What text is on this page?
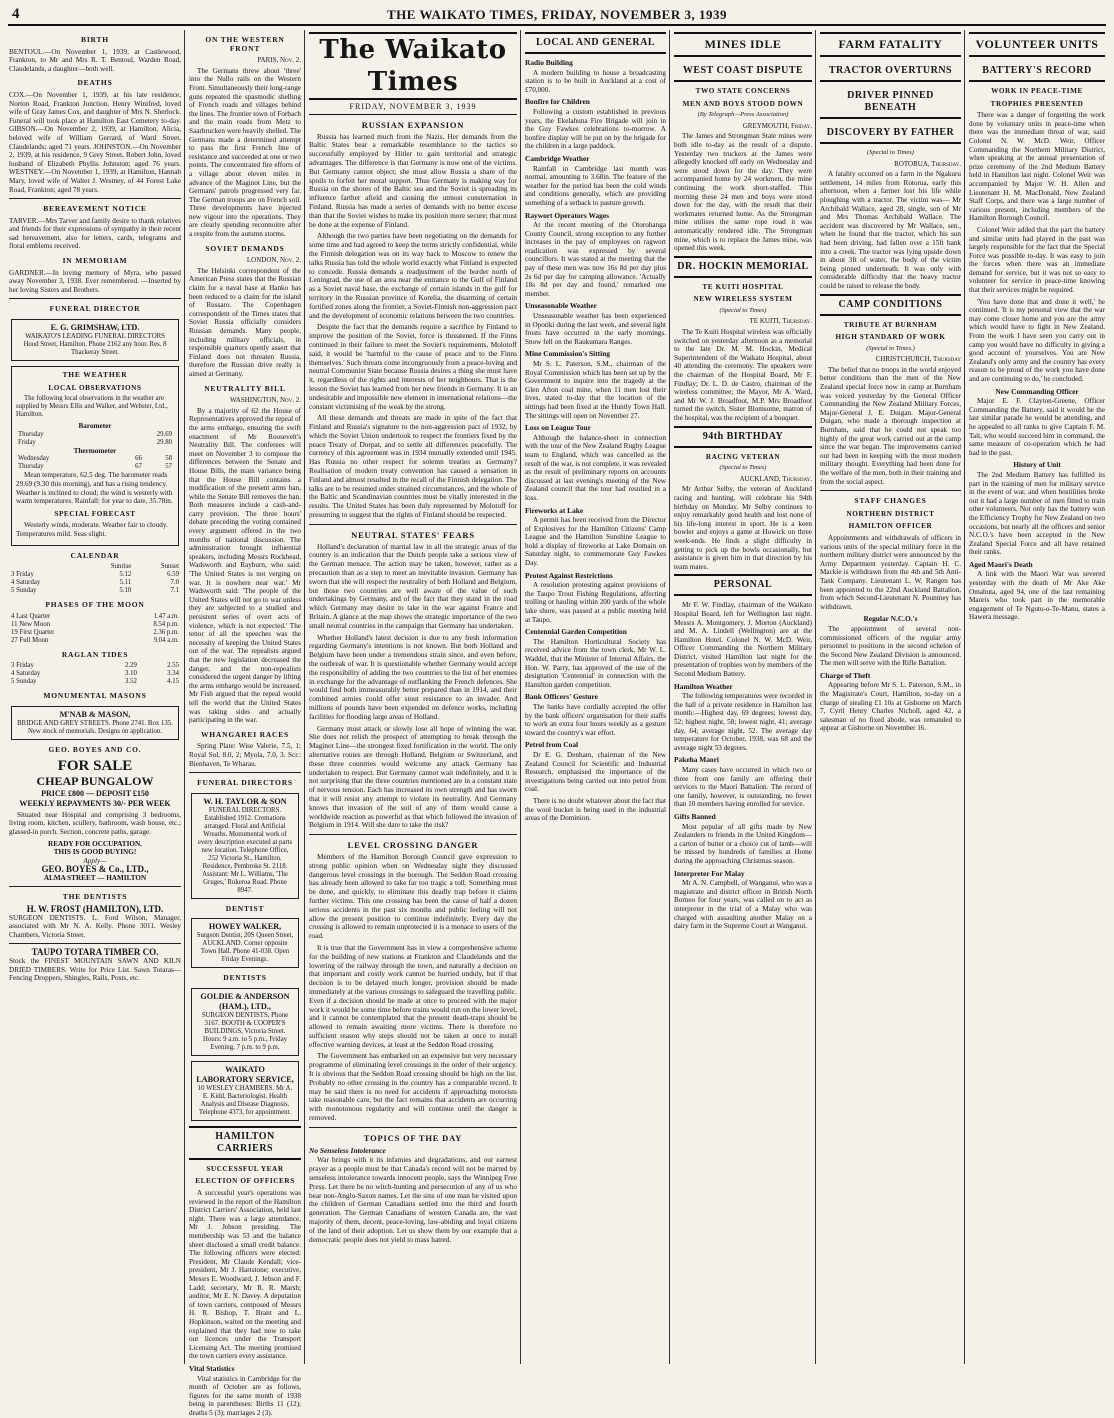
4	THE WAIKATO TIMES, FRIDAY, NOVEMBER 3, 1939
BIRTH

BENTOUL.—On November 1, 1939, at Castlewood, Frankton, to Mr and Mrs R. T. Bentoul, Warden Road, Claudelands, a daughter—both well.

DEATHS

COX.—On November 1, 1939, at his late residence, Norton Road, Frankton Junction, Henry Winifred, loved wife of Gray James Cox, and daughter of Mrs N. Sherlock. Funeral will took place at Hamilton East Cemetery to-day. GIBSON.—On November 2, 1939, at Hamilton, Alicia, beloved wife of William Gerrard, of Ward Street, Claudelands; aged 71 years. JOHNSTON.—On November 2, 1939, at his residence, 9 Grey Street, Robert John, loved husband of Elizabeth Phyllis Johnston; aged 76 years. WESTNEY.—On November 1, 1939, at Hamilton, Hannah Mary, loved wife of Walter J. Westney, of 44 Forest Lake Road, Frankton; aged 78 years.

BEREAVEMENT NOTICE

TARVER.—Mrs Tarver and family desire to thank relatives and friends for their expressions of sympathy in their recent sad bereavement, also for letters, cards, telegrams and floral emblems received.

IN MEMORIAM

GARDNER.—In loving memory of Myra, who passed away November 3, 1938. Ever remembered. —Inserted by her loving Sisters and Brothers.

FUNERAL DIRECTOR
E. G. GRIMSHAW, LTD.
WAIKATO'S LEADING FUNERAL DIRECTORS
Hood Street, Hamilton. Phone 2162 any hour. Res. 8 Thackeray Street.
THE WEATHER
LOCAL OBSERVATIONS

The following local observations in the weather are supplied by Messrs Ellis and Walker, and Webster, Ltd., Hamilton.

Barometer
Thursday	29.69
Friday	29.80
Thermometer
Wednesday	66	58
Thursday	67	57

Mean temperature, 62.5 deg. The barometer reads 29.69 (9.30 this morning), and has a rising tendency. Weather is inclined to cloud; the wind is westerly with warm temperatures. Rainfall: for year to date, 35.78in.

SPECIAL FORECAST

Westerly winds, moderate. Weather fair to cloudy. Temperatures mild. Seas slight.

CALENDAR
	Sunrise	Sunset
3 Friday	5.12	6.59
4 Saturday	5.11	7.0
5 Sunday	5.10	7.1
PHASES OF THE MOON
4 Last Quarter	1.47 a.m.
11 New Moon	8.54 p.m.
19 First Quarter	2.36 p.m.
27 Full Moon	9.04 a.m.
RAGLAN TIDES
3 Friday	2.29	2.55
4 Saturday	3.10	3.34
5 Sunday	3.52	4.15
MONUMENTAL MASONS
M'NAB & MASON,
BRIDGE AND GREY STREETS. Phone 2741. Box 135. New stock of memorials. Designs on application.
GEO. BOYES AND CO.
FOR SALE
CHEAP BUNGALOW
PRICE £800 — DEPOSIT £150
WEEKLY REPAYMENTS 30/- PER WEEK

Situated near Hospital and comprising 3 bedrooms, living room, kitchen, scullery, bathroom, wash house, etc.; glassed-in porch. Section, concrete paths, garage.

READY FOR OCCUPATION.
THIS IS GOOD BUYING!
Apply—
GEO. BOYES & Co., LTD.,
ALMA STREET — HAMILTON
THE DENTISTS
H. W. FROST (HAMILTON), LTD.

SURGEON DENTISTS. L. Ford Wilson, Manager, associated with Mr N. A. Kelly. Phone 3011. Wesley Chambers, Victoria Street.

TAUPO TOTARA TIMBER CO.

Stock the FINEST MOUNTAIN SAWN AND KILN DRIED TIMBERS. Write for Price List. Sawn Totaras—Fencing Droppers, Shingles, Rails, Posts, etc.

ON THE WESTERN FRONT
PARIS, Nov. 2.

The Germans threw about 'three' into the Nullo rails on the Western Front. Simultaneously their long-range guns repeated the spasmodic shelling of French roads and villages behind the lines. The frontier town of Forbach and the main roads from Metz to Saarbrucken were heavily shelled. The Germans made a determined attempt to pass the first French line of resistance and succeeded at one or two points. The concentrated fire efforts of a village about eleven miles in advance of the Maginot Line, but the Germans' patrols progressed very far. The German troops are on French soil. Three developments have injected new vigour into the operations. They are clearly spending reconnoitre after a respite from the autumn storms.

SOVIET DEMANDS
LONDON, Nov. 2.

The Helsinki correspondent of the American Press states that the Russian claim for a naval base at Hanko has been reduced to a claim for the island of Russaro. The Copenhagen correspondent of the Times states that Soviet Russia officially considers Russian demands. Many people, including military officials, in responsible quarters openly assert that Finland does not threaten Russia, therefore the Russian drive really is aimed at Germany.

NEUTRALITY BILL
WASHINGTON, Nov. 2.

By a majority of 62 the House of Representatives approved the repeal of the arms embargo, ensuring the swift enactment of Mr Roosevelt's Neutrality Bill. The conferees will meet on November 3 to compose the differences between the Senate and House Bills, the main variance being that the House Bill contains a modification of the present arms ban, while the Senate Bill removes the ban. Both measures include a cash-and-carry provision. The three hours' debate preceding the voting contained every argument offered in the two months of national discussion. The administration brought influential speakers, including Messrs Rockhead, Wadsworth and Rayburn, who said: 'The United States is not verging on war. It is nowhere near war.' Mr Wadsworth said: 'The people of the United States will not go to war unless they are subjected to a studied and persistent series of overt acts of violence, which is not expected.' The tenor of all the speeches was the necessity of keeping the United States out of the war. The repealists argued that the new legislation decreased the danger, and the non-repealists considered the urgent danger by lifting the arms embargo would be increased. Mr Fish argued that the repeal would tell the world that the United States was taking sides and actually participating in the war.

WHANGAREI RACES

Spring Plate: Wise Valerie, 7.5, 1; Royal Sol, 8.0, 2; Myola, 7.0, 3. Scr.: Bienhaven, Te Wharau.

FUNERAL DIRECTORS
W. H. TAYLOR & SON
FUNERAL DIRECTORS. Established 1912. Cremations arranged. Floral and Artificial Wreaths. Monumental work of every description executed at parts new location. Telephone Office, 252 Victoria St., Hamilton. Residence, Pembroke St. 2118.
Assistant: Mr L. Williams, 'The Gruges,' Rukeroa Road. Phone 8947.
DENTIST
HOWEY WALKER,
Surgeon Dentist, 20S Queen Street, AUCKLAND. Corner opposite Town Hall. Phone 41-038. Open Friday Evenings.
DENTISTS
GOLDIE & ANDERSON (HAM.), LTD.,
SURGEON DENTISTS, Phone 3167. BOOTH & COOPER'S BUILDINGS, Victoria Street. Hours: 9 a.m. to 5 p.m., Friday Evening, 7 p.m. to 9 p.m.
WAIKATO LABORATORY SERVICE,
10 WESLEY CHAMBERS. Mr A. E. Kidd, Bacteriologist. Health Analysis and Disease Diagnosis. Telephone 4373, for appointment.
HAMILTON CARRIERS
SUCCESSFUL YEAR
ELECTION OF OFFICERS

A successful year's operations was reviewed in the report of the Hamilton District Carriers' Association, held last night. There was a large attendance, Mr J. Jebson presiding. The membership was 53 and the balance sheet disclosed a small credit balance. The following officers were elected: President, Mr Claude Kendall; vice-president, Mr J. Hartstone; executive, Messrs E. Woodward, J. Jebson and F. Ladd; secretary, Mr R. R. Marsh; auditor, Mr E. N. Davey. A deputation of town carriers, composed of Messrs H. R. Bishop, T. Brant and L. Hopkinson, waited on the meeting and explained that they had now to take out licences under the Transport Licensing Act. The meeting promised the town carriers every assistance.

Vital Statistics

Vital statistics in Cambridge for the month of October are as follows, figures for the same month of 1938 being in parentheses: Births 11 (12); deaths 5 (3); marriages 2 (3).

The Waikato Times
FRIDAY, NOVEMBER 3, 1939
RUSSIAN EXPANSION

Russia has learned much from the Nazis. Her demands from the Baltic States bear a remarkable resemblance to the tactics so successfully employed by Hitler to gain territorial and strategic advantages. The difference is that Germany is now one of the victims. But Germany cannot object; she must allow Russia a share of the spoils to forfeit her moral support. Thus Germany is making way for Russia on the shores of the Baltic sea and the Soviet is spreading its influence farther afield and causing the utmost consternation in Finland. Russia has made a series of demands with no better excuse than that the Soviet wishes to make its position more secure; that must be done at the expense of Finland.

Although the two parties have been negotiating on the demands for some time and had agreed to keep the terms strictly confidential, while the Finnish delegation was on its way back to Moscow to renew the talks Russia has told the whole world exactly what Finland is expected to concede. Russia demands a readjustment of the border north of Leningrad, the use of an area near the entrance to the Gulf of Finland as a Soviet naval base, the exchange of certain islands in the gulf for territory in the Russian province of Korelia, the disarming of certain fortified zones along the frontier, a Soviet-Finnish non-aggression pact and the development of economic relations between the two countries.

Despite the fact that the demands require a sacrifice by Finland to improve the position of the Soviet, force is threatened. If the Finns continued in their failure to meet the Soviet's requirements, Molotoff said, it would be 'harmful to the cause of peace and to the Finns themselves.' Such threats come incongruously from a peace-loving and neutral Communist State because Russia desires a thing she must have it, regardless of the rights and interests of her neighbours. That is the lesson the Soviet has learned from her new friends in Germany. It is an undesirable and impossible new element in international relations—the constant victimising of the weak by the strong.

All these demands and threats are made in spite of the fact that Finland and Russia's signature to the non-aggression pact of 1932, by which the Soviet Union undertook to respect the frontiers fixed by the peace Treaty of Dorpat, and to settle all differences peacefully. The currency of this agreement was in 1934 mutually extended until 1945. Has Russia no other respect for solemn treaties as Germany? Realisation of modern treaty convention has caused a sensation in Finland and almost resulted in the recall of the Finnish delegation. The talks are to be resumed under strained circumstances, and the whole of the Baltic and Scandinavian countries must be vitally interested in the results. The United States has been duly represented by Molotoff for presuming to suggest that the rights of Finland should be respected.

NEUTRAL STATES' FEARS

Holland's declaration of martial law in all the strategic areas of the country is an indication that the Dutch people take a serious view of the German menace. The action may be taken, however, rather as a precaution than as a step to meet an inevitable invasion. Germany has sworn that she will respect the neutrality of both Holland and Belgium, but those two countries are well aware of the value of such undertakings by Germany, and of the fact that they stand in the road which Germany may desire to take in the war against France and Britain. A glance at the map shows the strategic importance of the two small neutral countries in the campaign that Germany has undertaken.

Whether Holland's latest decision is due to any fresh information regarding Germany's intentions is not known. But both Holland and Belgium have been under a tremendous strain since, and even before, the outbreak of war. It is questionable whether Germany would accept the responsibility of adding the two countries to the list of her enemies in exchange for the advantage of outflanking the French defences. She would find both immeasurably better prepared than in 1914, and their combined armies could offer stout resistance to an invader. And millions of pounds have been expended on defence works, including facilities for flooding large areas of Holland.

Germany must attack or slowly lose all hope of winning the war. She does not relish the prospect of attempting to break through the Maginot Line—the strongest fixed fortification in the world. The only alternative routes are through Holland, Belgium or Switzerland, and these three countries would welcome any attack Germany has undertaken to respect. But Germany cannot wait indefinitely, and it is not surprising that the three countries mentioned are in a constant state of nervous tension. Each has increased its own strength and has sworn that it will resist any attempt to violate its neutrality. And Germany knows that invasion of the soil of any of them would cause a worldwide reaction as powerful as that which followed the invasion of Belgium in 1914. Will she dare to take the risk?

LEVEL CROSSING DANGER

Members of the Hamilton Borough Council gave expression to strong public opinion when on Wednesday night they discussed dangerous level crossings in the borough. The Seddon Road crossing has already been allowed to take far too tragic a toll. Something must be done, and quickly, to eliminate this deadly trap before it claims further victims. This one crossing has been the cause of half a dozen serious accidents in the past six months and public feeling will not allow the present position to continue indefinitely. Every day the crossing is allowed to remain unprotected it is a menace to users of the road.

It is true that the Government has in view a comprehensive scheme for the building of new stations at Frankton and Claudelands and the lowering of the railway through the town, and naturally a decision on that important and costly work cannot be hurried unduly, but if that decision is to be delayed much longer, provision should be made immediately at the various crossings to safeguard the travelling public. Even if a decision should be made at once to proceed with the major work it would be some time before trains would run on the lower level, and it cannot be contemplated that the present death-traps should be allowed to remain awaiting more victims. There is therefore no sufficient reason why steps should not be taken at once to install effective warning devices, at least at the Seddon Road crossing.

The Government has embarked on an expensive but very necessary programme of eliminating level crossings in the order of their urgency. It is obvious that the Seddon Road crossing should be high on the list. Probably no other crossing in the country has a comparable record. It may be said there is no need for accidents if approaching motorists take reasonable care, but the fact remains that accidents are occurring with monotonous regularity and will continue until the danger is removed.

TOPICS OF THE DAY
No Senseless Intolerance

War brings with it its infamies and degradations, and our earnest prayer as a people must be that Canada's record will not be marred by senseless intolerance towards innocent people, says the Winnipeg Free Press. Let there be no witch-hunting and persecution of any of us who bear non-Anglo-Saxon names. Let the sins of one man be visited upon the children of German Canadians settled into the third and fourth generation. The German Canadians of western Canada are, the vast majority of them, decent, peace-loving, law-abiding and loyal citizens of the land of their adoption. Let us show them by our example that a democratic people does not yield to mass hatred.

LOCAL AND GENERAL
Radio Building

A modern building to house a broadcasting station is to be built in Auckland at a cost of £70,000.

Bonfire for Children

Following a custom established in previous years, the Ekelahuna Fire Brigade will join in the Guy Fawkes celebrations to-morrow. A bonfire display will be put on by the brigade for the children in a large paddock.

Cambridge Weather

Rainfall in Cambridge last month was normal, amounting to 3.68in. The feature of the weather for the period has been the cold winds and conditions generally, which are providing something of a setback to pasture growth.

Raywort Operators Wages

At the recent meeting of the Otorohanga County Council, strong exception to any further increases in the pay of employees on ragwort eradication was expressed by several councillors. It was stated at the meeting that the pay of these men was now 16s 8d per day plus 2s 6d per day for camping allowance. 'Actually 18s 8d per day and found,' remarked one member.

Unseasonable Weather

Unseasonable weather has been experienced in Opotiki during the last week, and several light frosts have occurred in the early mornings. Snow fell on the Raukumara Ranges.

Mine Commission's Sitting

Mr S. L. Paterson, S.M., chairman of the Royal Commission which has been set up by the Government to inquire into the tragedy at the Glen Afton coal mine, when 11 men lost their lives, stated to-day that the location of the sittings had been fixed at the Huntly Town Hall. The sittings will open on November 27.

Loss on League Tour

Although the balance-sheet in connection with the tour of the New Zealand Rugby League team to England, which was cancelled as the result of the war, is not complete, it was revealed as the result of preliminary reports on accounts discussed at last evening's meeting of the New Zealand council that the tour had resulted in a loss.

Fireworks at Lake

A permit has been received from the Director of Explosives for the Hamilton Citizens' Camp League and the Hamilton Sunshine League to hold a display of fireworks at Lake Domain on Saturday night, to commemorate Guy Fawkes Day.

Protest Against Restrictions

A resolution protesting against provisions of the Taupo Trout Fishing Regulations, affecting trolling or hauling within 200 yards of the whole lake shore, was passed at a public meeting held at Taupo.

Centennial Garden Competition

The Hamilton Horticultural Society has received advice from the town clerk, Mr W. L. Waddel, that the Minister of Internal Affairs, the Hon. W. Parry, has approved of the use of the designation 'Centennial' in connection with the Hamilton garden competition.

Bank Officers' Gesture

The banks have cordially accepted the offer by the bank officers' organisation for their staffs to work an extra four hours weekly as a gesture toward the country's war effort.

Petrol from Coal

Dr E. G. Denham, chairman of the New Zealand Council for Scientific and Industrial Research, emphasised the importance of the investigations being carried out into petrol from coal.

There is no doubt whatever about the fact that the wool bucket is being used in the industrial areas of the Dominion.

MINES IDLE
WEST COAST DISPUTE
TWO STATE CONCERNS
MEN AND BOYS STOOD DOWN
(By Telegraph—Press Association)
GREYMOUTH, Friday.

The James and Strongman State mines were both idle to-day as the result of a dispute. Yesterday two truckers at the James were allegedly knocked off early on Wednesday and were stood down for the day. They were accompanied home by 24 workmen, the mine continuing the work short-staffed. This morning these 24 men and boys were stood down for the day, with the result that their workmates returned home. As the Strongman mine utilises the same rope road it was automatically rendered idle. The Strongman mine, which is to replace the James mine, was opened this week.

DR. HOCKIN MEMORIAL
TE KUITI HOSPITAL
NEW WIRELESS SYSTEM
(Special to Times)
TE KUITI, Thursday.

The Te Kuiti Hospital wireless was officially switched on yesterday afternoon as a memorial to the late Dr. M. M. Hockin, Medical Superintendent of the Waikato Hospital, about 40 attending the ceremony. The speakers were the chairman of the Hospital Board, Mr F. Findlay; Dr. L. D. de Castro, chairman of the wireless committee; the Mayor, Mr A. Ward, and Mr W. J. Broadfoot, M.P. Mrs Broadfoot turned the switch. Sister Blomsome, matron of the hospital, was the recipient of a bouquet.

94th BIRTHDAY
RACING VETERAN
(Special to Times)
AUCKLAND, Thursday.

Mr Arthur Selby, the veteran of Auckland racing and hunting, will celebrate his 94th birthday on Monday. Mr Selby continues to enjoy remarkably good health and lost none of his life-long interest in sport. He is a keen bowler and enjoys a game at Howick on three week-ends. He finds a slight difficulty in getting to pick up the bowls occasionally, but assistance is given him in that direction by his team mates.

PERSONAL

Mr F. W. Findlay, chairman of the Waikato Hospital Board, left for Wellington last night. Messrs A. Montgomery, J. Morton (Auckland) and M. A. Lindell (Wellington) are at the Hamilton Hotel. Colonel N. W. McD. Weir, Officer Commanding the Northern Military District, visited Hamilton last night for the presentation of trophies won by members of the Second Medium Battery.

Hamilton Weather

The following temperatures were recorded in the hall of a private residence in Hamilton last month:—Highest day, 69 degrees; lowest day, 52; highest night, 58; lowest night, 41; average day, 64; average night, 52. The average day temperature for October, 1938, was 68 and the average night 53 degrees.

Pakeha Maori

Many cases have occurred in which two or three from one family are offering their services to the Maori Battalion. The record of one family, however, is outstanding, no fewer than 10 members having enrolled for service.

Gifts Banned

Most popular of all gifts made by New Zealanders to friends in the United Kingdom—a carton of butter or a choice cut of lamb—will be missed by hundreds of families at Home during the approaching Christmas season.

Interpreter For Malay

Mr A. N. Campbell, of Wanganui, who was a magistrate and district officer in British North Borneo for four years, was called on to act as interpreter in the trial of a Malay who was charged with assaulting another Malay on a dairy farm in the Supreme Court at Wanganui.

FARM FATALITY
TRACTOR OVERTURNS
DRIVER PINNED BENEATH
DISCOVERY BY FATHER
(Special to Times)
ROTORUA, Thursday.

A fatality occurred on a farm in the Ngakuru settlement, 14 miles from Rotorua, early this afternoon, when a farmer lost his life while ploughing with a tractor. The victim was— Mr Archibald Wallace, aged 28, single, son of Mr and Mrs Thomas Archibald Wallace. The accident was discovered by Mr Wallace, sen., when he found that the tractor, which his son had been driving, had fallen over a 15ft bank into a creek. The tractor was lying upside down in about 3ft of water, the body of the victim being pinned underneath. It was only with considerable difficulty that the heavy tractor could be raised to release the body.

CAMP CONDITIONS
TRIBUTE AT BURNHAM
HIGH STANDARD OF WORK
(Special to Times.)
CHRISTCHURCH, Thursday

The belief that no troops in the world enjoyed better conditions than the men of the New Zealand special force now in camp at Burnham was voiced yesterday by the General Officer Commanding the New Zealand Military Forces, Major-General J. E. Duigan. Major-General Duigan, who made a thorough inspection at Burnham, said that he could not speak too highly of the great work carried out at the camp since the war began. The improvements carried out had been in keeping with the most modern military thought. Everything had been done for the welfare of the men, both in their training and from the social aspect.

STAFF CHANGES
NORTHERN DISTRICT
HAMILTON OFFICER

Appointments and withdrawals of officers in various units of the special military force in the northern military district were announced by the Army Department yesterday. Captain H. C. Mackie is withdrawn from the 4th and 5th Anti-Tank Company. Lieutenant L. W. Rangen has been appointed to the 22nd Auckland Battalion, from which Second-Lieutenant N. Pountney has withdrawn.

Regular N.C.O.'s

The appointment of several non-commissioned officers of the regular army personnel to positions in the second echelon of the Second New Zealand Division is announced. The men will serve with the Rifle Battalion.

Charge of Theft

Appearing before Mr S. L. Paterson, S.M., in the Magistrate's Court, Hamilton, to-day on a charge of stealing £1 10s at Gisborne on March 7, Cyril Henry Charles Nicholl, aged 42, a salesman of no fixed abode, was remanded to appear at Gisborne on November 16.

VOLUNTEER UNITS
BATTERY'S RECORD
WORK IN PEACE-TIME
TROPHIES PRESENTED

There was a danger of forgetting the work done by voluntary units in peace-time when there was the immediate threat of war, said Colonel N. W. McD. Weir, Officer Commanding the Northern Military District, when speaking at the annual presentation of prize ceremony of the 2nd Medium Battery held in Hamilton last night. Colonel Weir was accompanied by Major W. H. Allen and Lieutenant H. M. MacDonald, New Zealand Staff Corps, and there was a large number of various present, including members of the Hamilton Borough Council.

Colonel Weir added that the part the battery and similar units had played in the past was largely responsible for the fact that the Special Force was possible to-day. It was easy to join the forces when there was an immediate demand for service, but it was not so easy to volunteer for service in peace-time knowing that their services might be required.

'You have done that and done it well,' he continued. 'It is my personal view that the war may come closer home and you are the army which would have to fight in New Zealand. From the work I have seen you carry out in camp you would have no difficulty in giving a good account of yourselves. You are New Zealand's only army and the country has every reason to be proud of the work you have done and are continuing to do,' he concluded.

New Commanding Officer

Major E. F. Clayton-Greene, Officer Commanding the Battery, said it would be the last similar parade he would be attending, and he appealed to all ranks to give Captain F. M. Tait, who would succeed him in command, the same measure of co-operation which he had had in the past.

History of Unit

The 2nd Medium Battery has fulfilled its part in the training of men for military service in the event of war, and when hostilities broke out it had a large number of men fitted to train other volunteers. Not only has the battery won the Efficiency Trophy for New Zealand on two occasions, but nearly all the officers and senior N.C.O.'s have been accepted in the New Zealand Special Force and all have retained their ranks.

Aged Maori's Death

A link with the Maori War was severed yesterday with the death of Mr Ake Ake Omahuta, aged 94, one of the last remaining Maoris who took part in the memorable engagement of Te Ngutu-o-Te-Manu, states a Hawera message.
